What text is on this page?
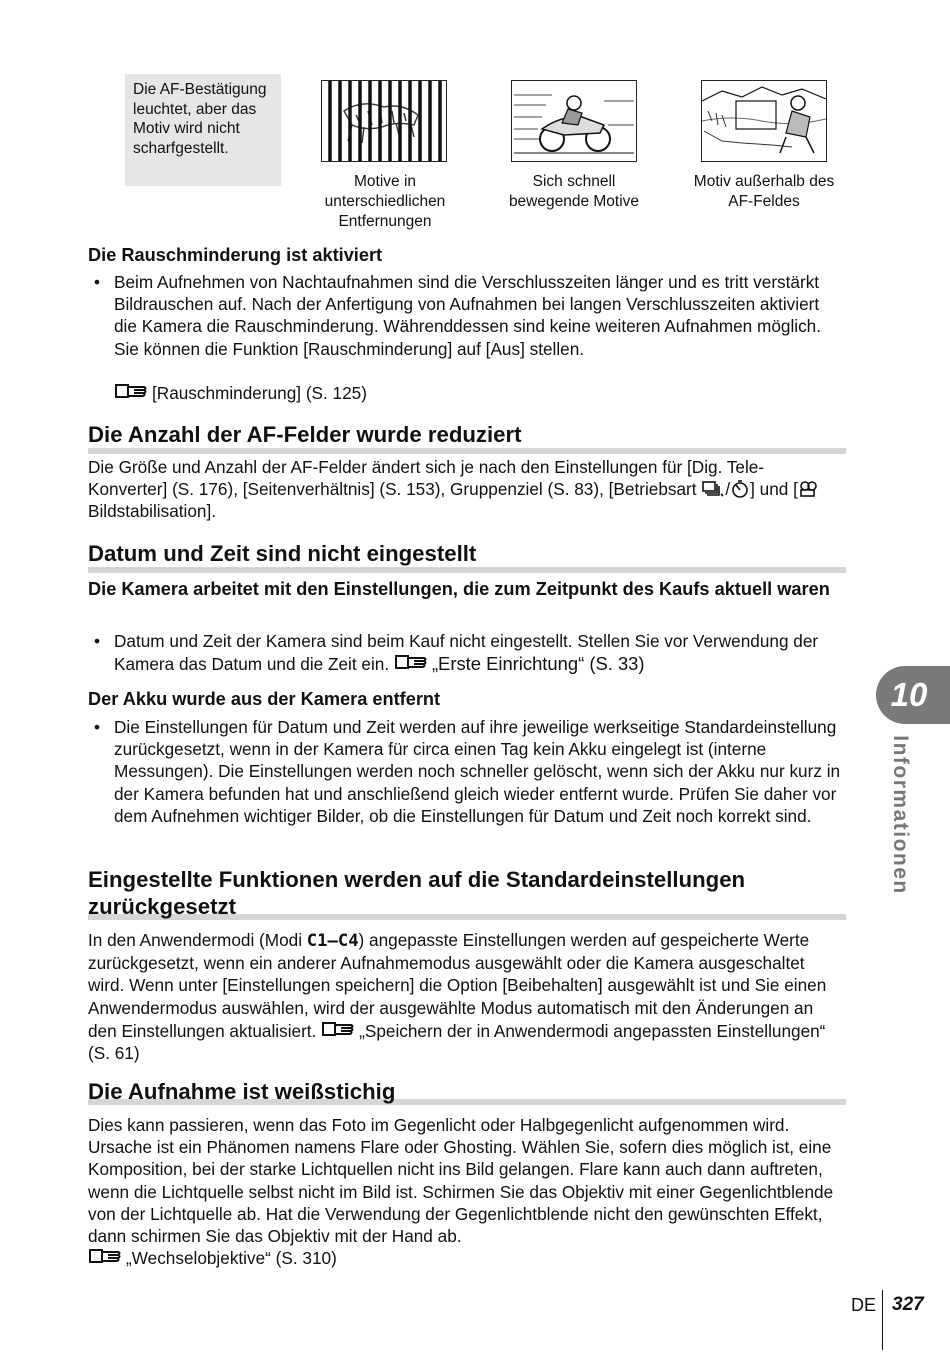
Die AF-Bestätigung leuchtet, aber das Motiv wird nicht scharfgestellt.
Motive in unterschiedlichen Entfernungen
Sich schnell bewegende Motive
Motiv außerhalb des AF-Feldes
Die Rauschminderung ist aktiviert
• Beim Aufnehmen von Nachtaufnahmen sind die Verschlusszeiten länger und es tritt verstärkt Bildrauschen auf. Nach der Anfertigung von Aufnahmen bei langen Verschlusszeiten aktiviert die Kamera die Rauschminderung. Währenddessen sind keine weiteren Aufnahmen möglich. Sie können die Funktion [Rauschminderung] auf [Aus] stellen.
[Rauschminderung] (S. 125)
Die Anzahl der AF-Felder wurde reduziert
Die Größe und Anzahl der AF-Felder ändert sich je nach den Einstellungen für [Dig. Tele-Konverter] (S. 176), [Seitenverhältnis] (S. 153), Gruppenziel (S. 83), [Betriebsart / ] und [Bildstabilisation].
Datum und Zeit sind nicht eingestellt
Die Kamera arbeitet mit den Einstellungen, die zum Zeitpunkt des Kaufs aktuell waren
• Datum und Zeit der Kamera sind beim Kauf nicht eingestellt. Stellen Sie vor Verwendung der Kamera das Datum und die Zeit ein. „Erste Einrichtung“ (S. 33)
Der Akku wurde aus der Kamera entfernt
• Die Einstellungen für Datum und Zeit werden auf ihre jeweilige werkseitige Standardeinstellung zurückgesetzt, wenn in der Kamera für circa einen Tag kein Akku eingelegt ist (interne Messungen). Die Einstellungen werden noch schneller gelöscht, wenn sich der Akku nur kurz in der Kamera befunden hat und anschließend gleich wieder entfernt wurde. Prüfen Sie daher vor dem Aufnehmen wichtiger Bilder, ob die Einstellungen für Datum und Zeit noch korrekt sind.
Eingestellte Funktionen werden auf die Standardeinstellungen zurückgesetzt
In den Anwendermodi (Modi C1–C4) angepasste Einstellungen werden auf gespeicherte Werte zurückgesetzt, wenn ein anderer Aufnahmemodus ausgewählt oder die Kamera ausgeschaltet wird. Wenn unter [Einstellungen speichern] die Option [Beibehalten] ausgewählt ist und Sie einen Anwendermodus auswählen, wird der ausgewählte Modus automatisch mit den Änderungen an den Einstellungen aktualisiert. „Speichern der in Anwendermodi angepassten Einstellungen“ (S. 61)
Die Aufnahme ist weißstichig
Dies kann passieren, wenn das Foto im Gegenlicht oder Halbgegenlicht aufgenommen wird. Ursache ist ein Phänomen namens Flare oder Ghosting. Wählen Sie, sofern dies möglich ist, eine Komposition, bei der starke Lichtquellen nicht ins Bild gelangen. Flare kann auch dann auftreten, wenn die Lichtquelle selbst nicht im Bild ist. Schirmen Sie das Objektiv mit einer Gegenlichtblende von der Lichtquelle ab. Hat die Verwendung der Gegenlichtblende nicht den gewünschten Effekt, dann schirmen Sie das Objektiv mit der Hand ab.
„Wechselobjektive“ (S. 310)
10
Informationen
DE 327
